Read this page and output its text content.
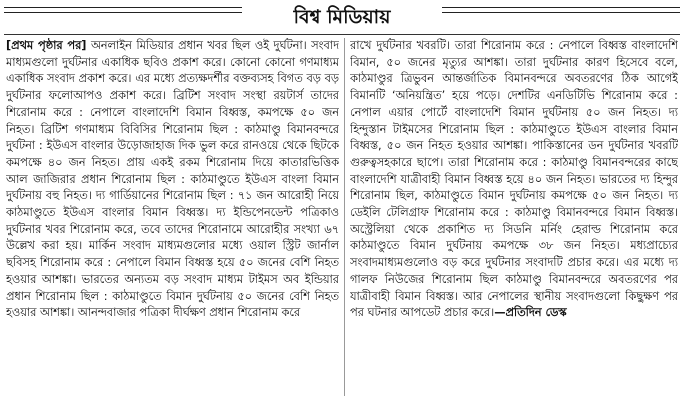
বিশ্ব মিডিয়ায়

[প্রথম পৃষ্ঠার পর] অনলাইন মিডিয়ার প্রধান খবর ছিল ওই দুর্ঘটনা। সংবাদ মাধ্যমগুলো দুর্ঘটনার একাধিক ছবিও প্রকাশ করে। কোনো কোনো গণমাধ্যম একাধিক সংবাদ প্রকাশ করে। এর মধ্যে প্রত্যক্ষদর্শীর বক্তব্যসহ বিগত বড় বড় দুর্ঘটনার ফলোআপও প্রকাশ করে। ব্রিটিশ সংবাদ সংস্থা রয়টার্স তাদের শিরোনাম করে : নেপালে বাংলাদেশি বিমান বিধ্বস্ত, কমপক্ষে ৫০ জন নিহত। ব্রিটিশ গণমাধ্যম বিবিসির শিরোনাম ছিল : কাঠমাণ্ডু বিমানবন্দরে দুর্ঘটনা : ইউএস বাংলার উড়োজাহাজ দিক ভুল করে রানওয়ে থেকে ছিটকে কমপক্ষে ৪০ জন নিহত। প্রায় একই রকম শিরোনাম দিয়ে কাতারভিত্তিক আল জাজিরার প্রধান শিরোনাম ছিল : কাঠমাণ্ডুতে ইউএস বাংলা বিমান দুর্ঘটনায় বহু নিহত। দ্য গার্ডিয়ানের শিরোনাম ছিল : ৭১ জন আরোহী নিয়ে কাঠমাণ্ডুতে ইউএস বাংলার বিমান বিধ্বস্ত। দ্য ইন্ডিপেনডেন্ট পত্রিকাও দুর্ঘটনার খবর শিরোনাম করে, তবে তাদের শিরোনামে আরোহীর সংখ্যা ৬৭ উল্লেখ করা হয়। মার্কিন সংবাদ মাধ্যমগুলোর মধ্যে ওয়াল স্ট্রিট জার্নাল ছবিসহ শিরোনাম করে : নেপালে বিমান বিধ্বস্ত হয়ে ৫০ জনের বেশি নিহত হওয়ার আশঙ্কা। ভারতের অন্যতম বড় সংবাদ মাধ্যম টাইমস অব ইন্ডিয়ার প্রধান শিরোনাম ছিল : কাঠমাণ্ডুতে বিমান দুর্ঘটনায় ৫০ জনের বেশি নিহত হওয়ার আশঙ্কা। আনন্দবাজার পত্রিকা দীর্ঘক্ষণ প্রধান শিরোনাম করে

রাখে দুর্ঘটনার খবরটি। তারা শিরোনাম করে : নেপালে বিধ্বস্ত বাংলাদেশি বিমান, ৫০ জনের মৃত্যুর আশঙ্কা। তারা দুর্ঘটনার কারণ হিসেবে বলে, কাঠমাণ্ডুর ত্রিভুবন আন্তর্জাতিক বিমানবন্দরে অবতরণের ঠিক আগেই বিমানটি ‘অনিয়ন্ত্রিত’ হয়ে পড়ে। দেশটির এনডিটিভি শিরোনাম করে : নেপাল এয়ার পোর্টে বাংলাদেশি বিমান দুর্ঘটনায় ৫০ জন নিহত। দ্য হিন্দুস্তান টাইমসের শিরোনাম ছিল : কাঠমাণ্ডুতে ইউএস বাংলার বিমান বিধ্বস্ত, ৫০ জন নিহত হওয়ার আশঙ্কা। পাকিস্তানের ডন দুর্ঘটনার খবরটি গুরুত্বসহকারে ছাপে। তারা শিরোনাম করে : কাঠমাণ্ডু বিমানবন্দরের কাছে বাংলাদেশি যাত্রীবাহী বিমান বিধ্বস্ত হয়ে ৪০ জন নিহত। ভারতের দ্য হিন্দুর শিরোনাম ছিল, কাঠমাণ্ডুতে বিমান দুর্ঘটনায় কমপক্ষে ৫০ জন নিহত। দ্য ডেইলি টেলিগ্রাফ শিরোনাম করে : কাঠমাণ্ডু বিমানবন্দরে বিমান বিধ্বস্ত। অস্ট্রেলিয়া থেকে প্রকাশিত দ্য সিডনি মর্নিং হেরাল্ড শিরোনাম করে কাঠমাণ্ডুতে বিমান দুর্ঘটনায় কমপক্ষে ৩৮ জন নিহত। মধ্যপ্রাচ্যের সংবাদমাধ্যমগুলোও বড় করে দুর্ঘটনার সংবাদটি প্রচার করে। এর মধ্যে দ্য গালফ নিউজের শিরোনাম ছিল কাঠমাণ্ডু বিমানবন্দরে অবতরণের পর যাত্রীবাহী বিমান বিধ্বস্ত। আর নেপালের স্থানীয় সংবাদগুলো কিছুক্ষণ পর পর ঘটনার আপডেট প্রচার করে।—প্রতিদিন ডেস্ক
